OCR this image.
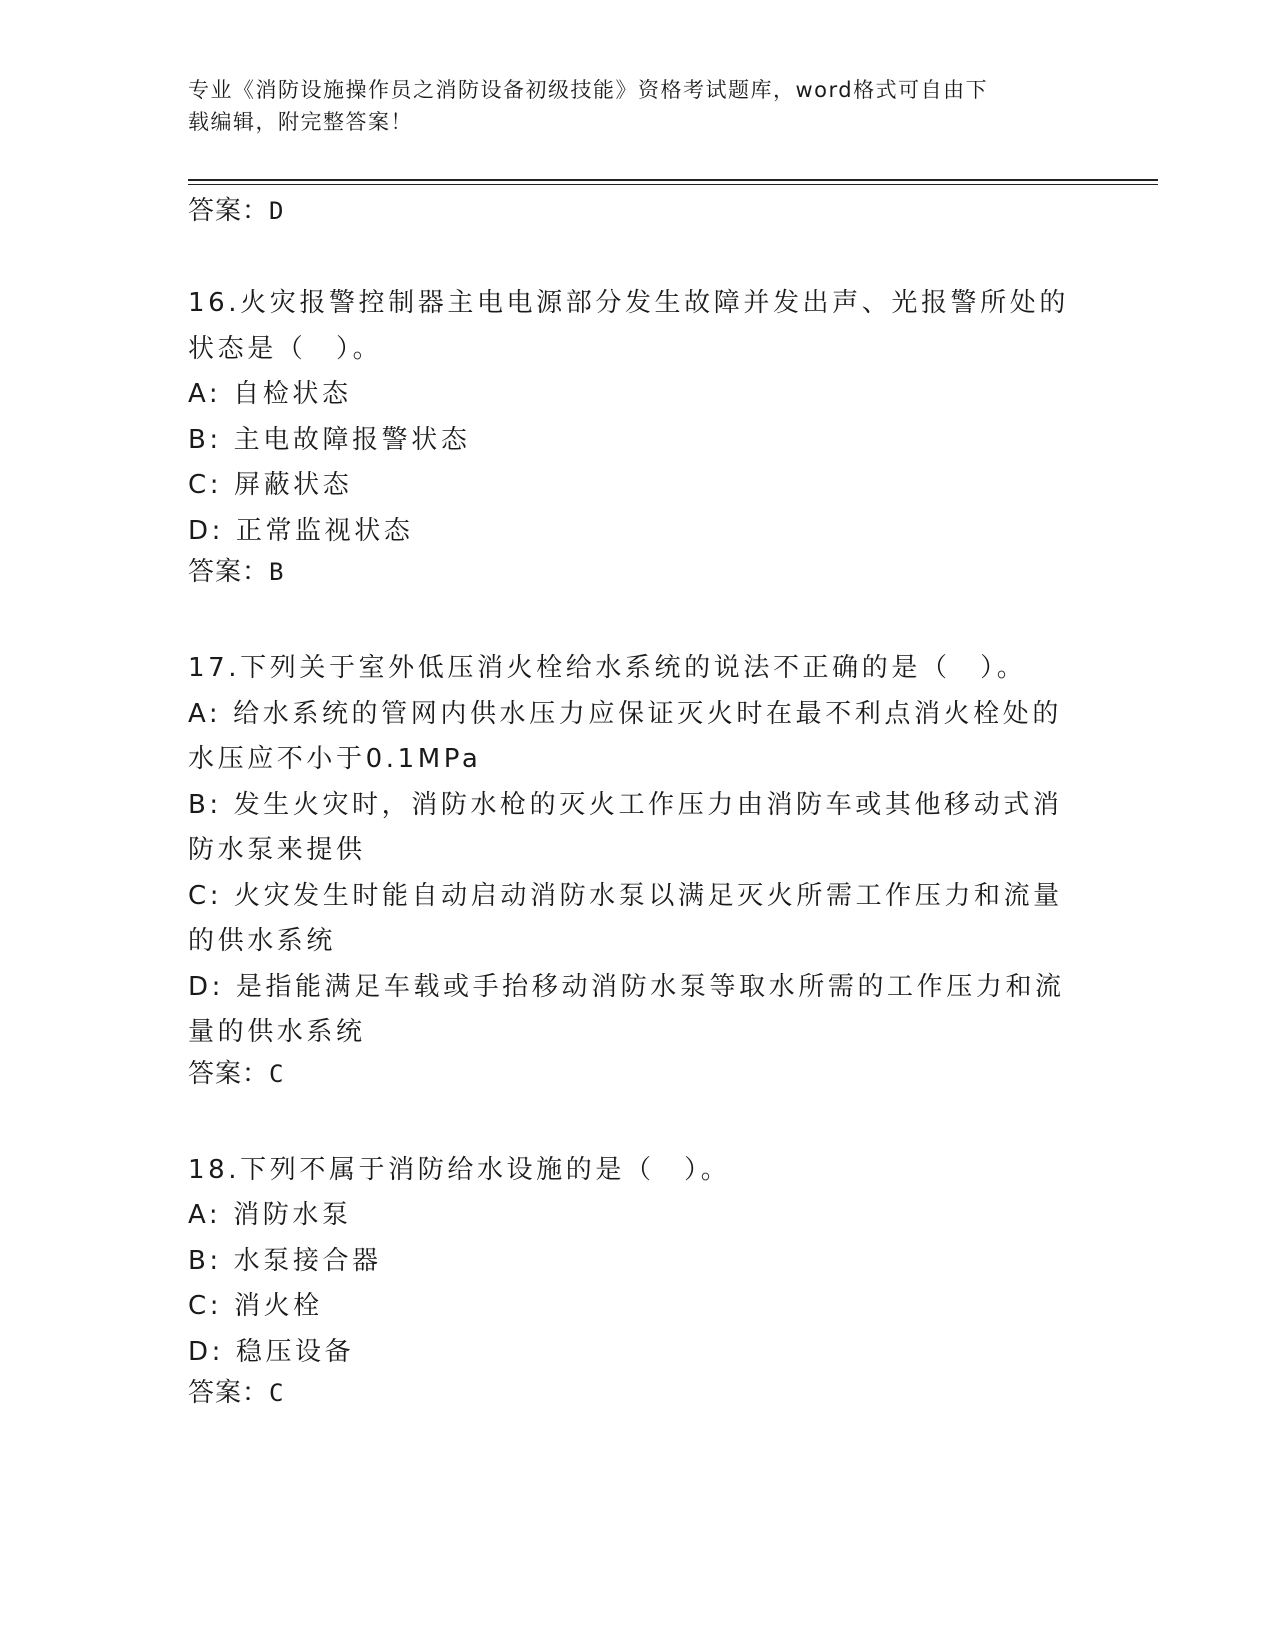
专业《消防设施操作员之消防设备初级技能》资格考试题库，word格式可自由下
载编辑，附完整答案！

答案：D

16.火灾报警控制器主电电源部分发生故障并发出声、光报警所处的状态是（　）。

A: 自检状态

B: 主电故障报警状态

C: 屏蔽状态

D: 正常监视状态

答案：B

17.下列关于室外低压消火栓给水系统的说法不正确的是（　）。

A: 给水系统的管网内供水压力应保证灭火时在最不利点消火栓处的水压应不小于0.1MPa

B: 发生火灾时，消防水枪的灭火工作压力由消防车或其他移动式消防水泵来提供

C: 火灾发生时能自动启动消防水泵以满足灭火所需工作压力和流量的供水系统

D: 是指能满足车载或手抬移动消防水泵等取水所需的工作压力和流量的供水系统

答案：C

18.下列不属于消防给水设施的是（　）。

A: 消防水泵

B: 水泵接合器

C: 消火栓

D: 稳压设备

答案：C
